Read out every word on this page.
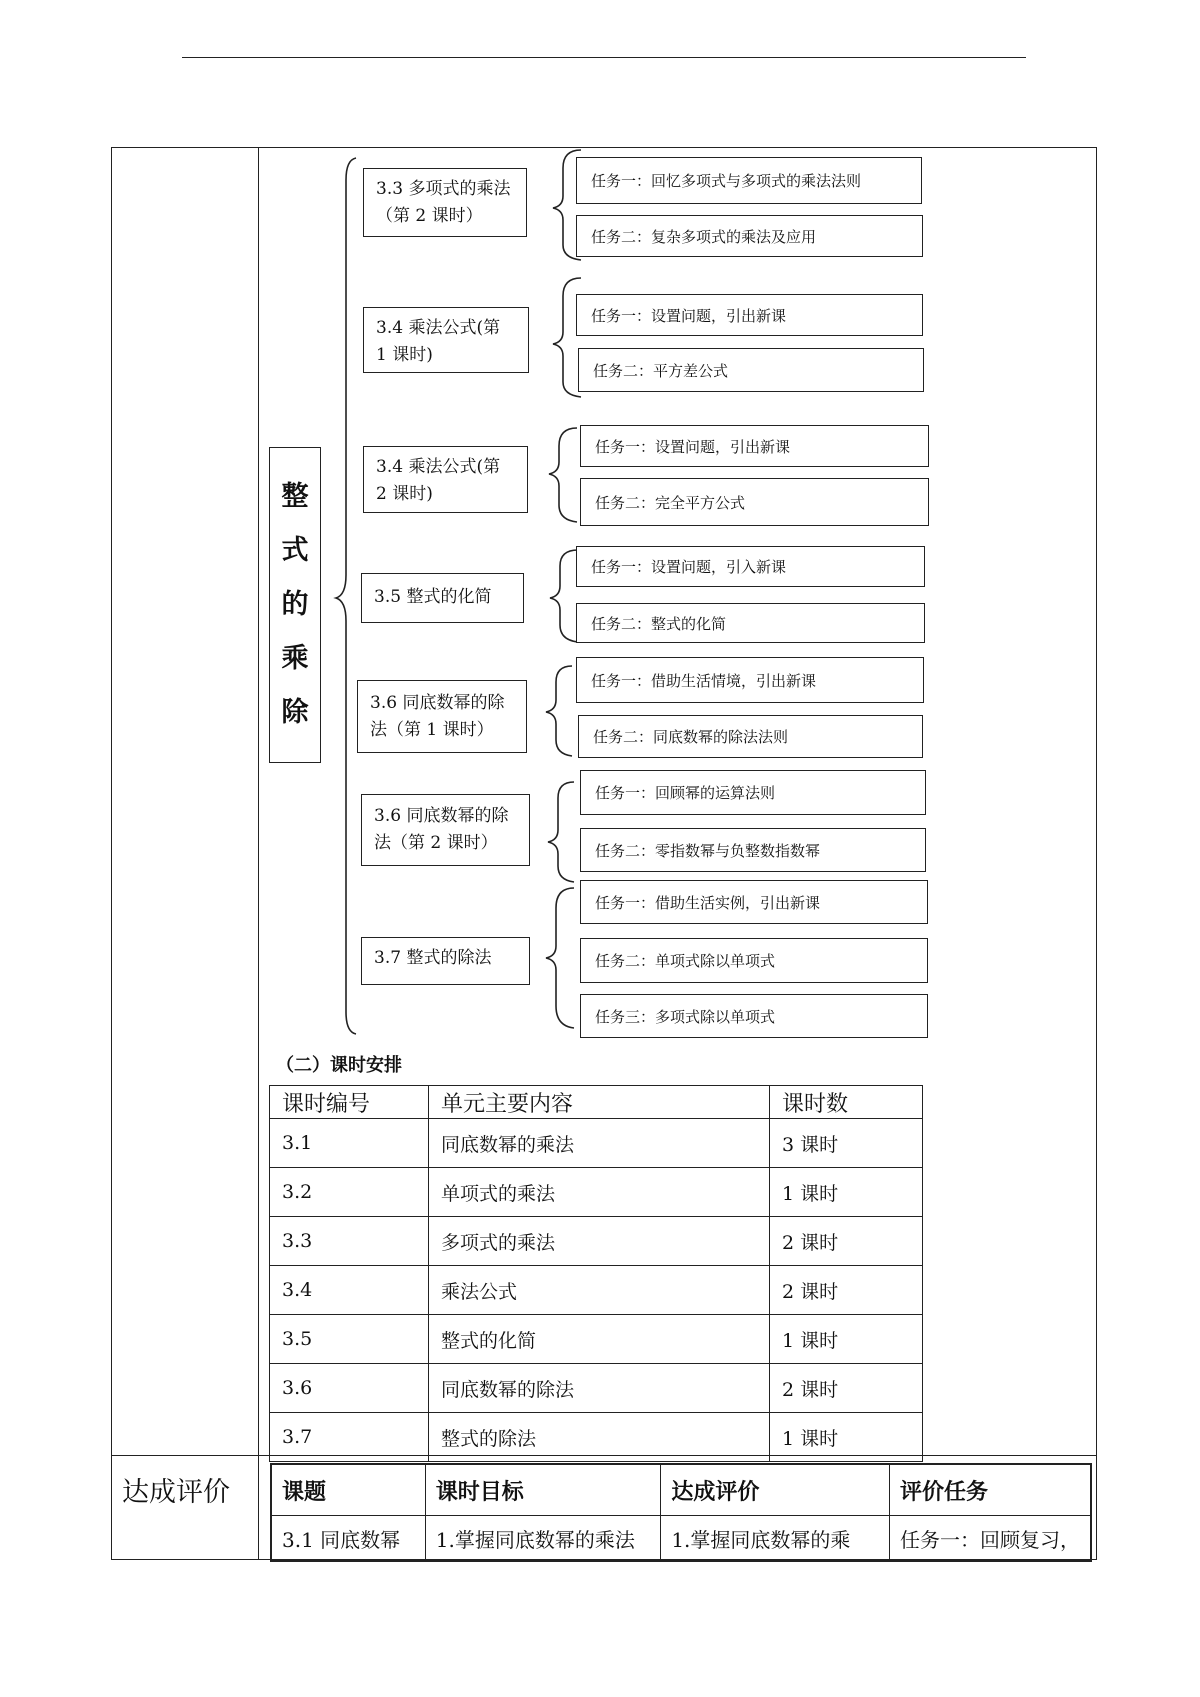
整
式
的
乘
除
3.3 多项式的乘法（第 2 课时）
3.4 乘法公式(第 1 课时)
3.4 乘法公式(第 2 课时)
3.5 整式的化简
3.6 同底数幂的除法（第 1 课时）
3.6 同底数幂的除法（第 2 课时）
3.7 整式的除法
任务一：回忆多项式与多项式的乘法法则
任务二：复杂多项式的乘法及应用
任务一：设置问题，引出新课
任务二：平方差公式
任务一：设置问题，引出新课
任务二：完全平方公式
任务一：设置问题，引入新课
任务二：整式的化简
任务一：借助生活情境，引出新课
任务二：同底数幂的除法法则
任务一：回顾幂的运算法则
任务二：零指数幂与负整数指数幂
任务一：借助生活实例，引出新课
任务二：单项式除以单项式
任务三：多项式除以单项式
（二）课时安排
课时编号	单元主要内容	课时数
3.1	同底数幂的乘法	3 课时
3.2	单项式的乘法	1 课时
3.3	多项式的乘法	2 课时
3.4	乘法公式	2 课时
3.5	整式的化简	1 课时
3.6	同底数幂的除法	2 课时
3.7	整式的除法	1 课时
达成评价 课题	课时目标	达成评价	评价任务
3.1 同底数幂	1.掌握同底数幂的乘法	1.掌握同底数幂的乘	任务一：回顾复习，
